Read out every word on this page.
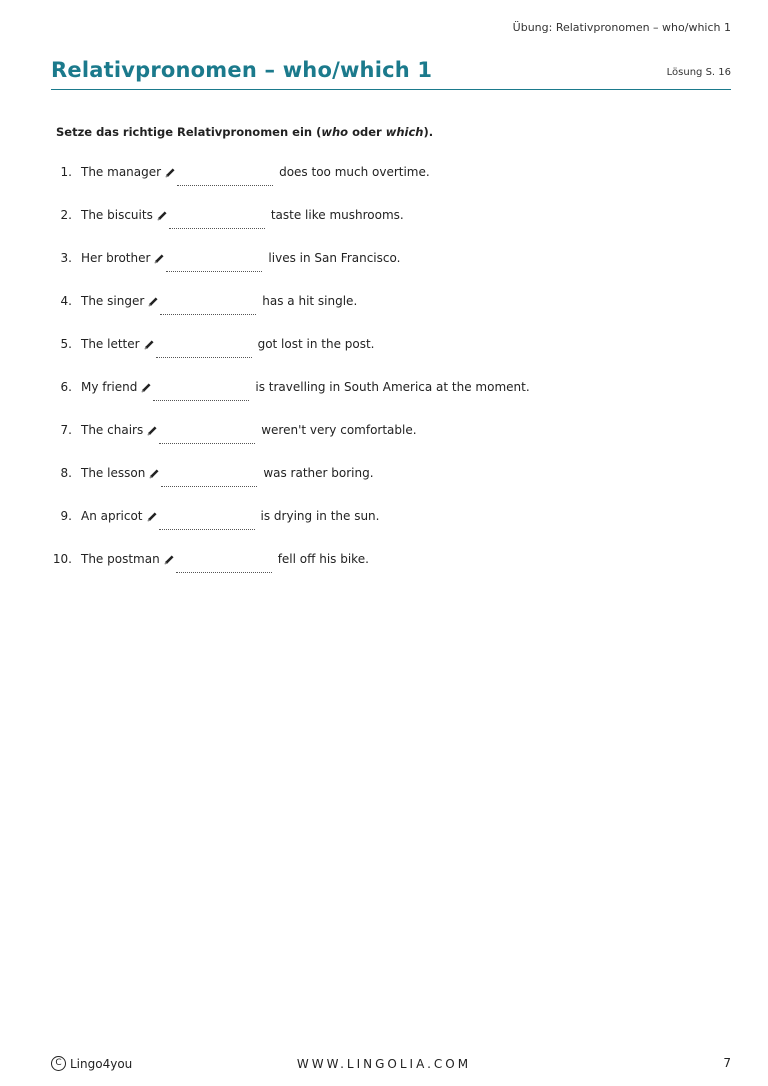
Übung: Relativpronomen – who/which 1
Relativpronomen – who/which 1	Lösung S. 16
Setze das richtige Relativpronomen ein (who oder which).
1. The manager	does too much overtime.
2. The biscuits	taste like mushrooms.
3. Her brother	lives in San Francisco.
4. The singer	has a hit single.
5. The letter	got lost in the post.
6. My friend	is travelling in South America at the moment.
7. The chairs	weren't very comfortable.
8. The lesson	was rather boring.
9. An apricot	is drying in the sun.
10. The postman	fell off his bike.
C Lingo4you	WWW.LINGOLIA.COM	7
